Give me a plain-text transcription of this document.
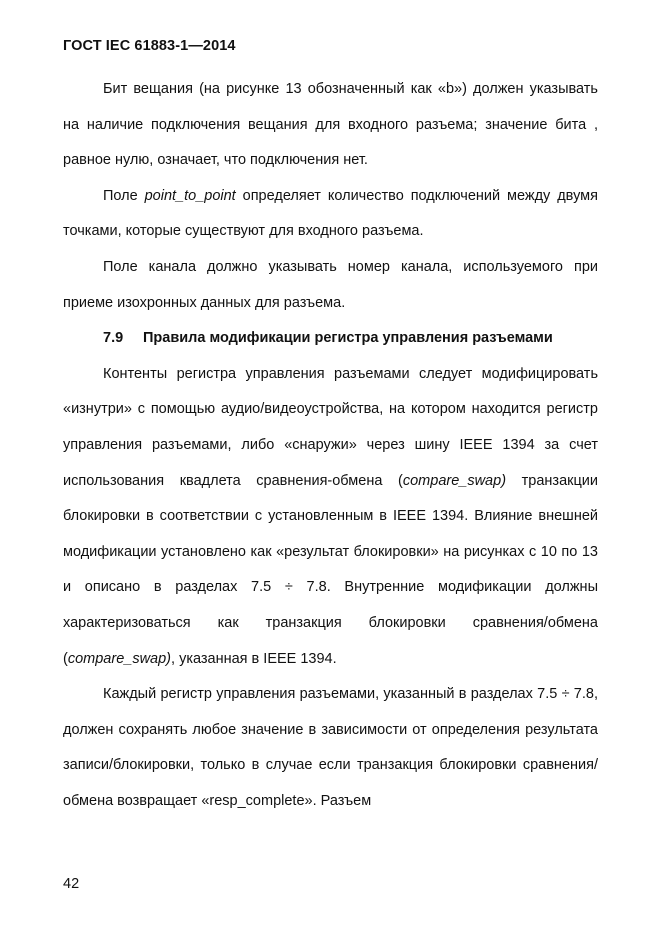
ГОСТ IEC 61883-1—2014

Бит вещания (на рисунке 13 обозначенный как «b») должен указывать на наличие подключения вещания для входного разъема; значение бита , равное нулю, означает, что подключения нет.

Поле point_to_point определяет количество подключений между двумя точками, которые существуют для входного разъема.

Поле канала должно указывать номер канала, используемого при приеме изохронных данных для разъема.

7.9 Правила модификации регистра управления разъемами

Контенты регистра управления разъемами следует модифицировать «изнутри» с помощью аудио/видеоустройства, на котором находится регистр управления разъемами, либо «снаружи» через шину IEEE 1394 за счет использования квадлета сравнения-обмена (compare_swap) транзакции блокировки в соответствии с установленным в IEEE 1394. Влияние внешней модификации установлено как «результат блокировки» на рисунках с 10 по 13 и описано в разделах 7.5 ÷ 7.8. Внутренние модификации должны характеризоваться как транзакция блокировки сравнения/обмена (compare_swap), указанная в IEEE 1394.

Каждый регистр управления разъемами, указанный в разделах 7.5 ÷ 7.8, должен сохранять любое значение в зависимости от определения результата записи/блокировки, только в случае если транзакция блокировки сравнения/обмена возвращает «resp_complete». Разъем

42
